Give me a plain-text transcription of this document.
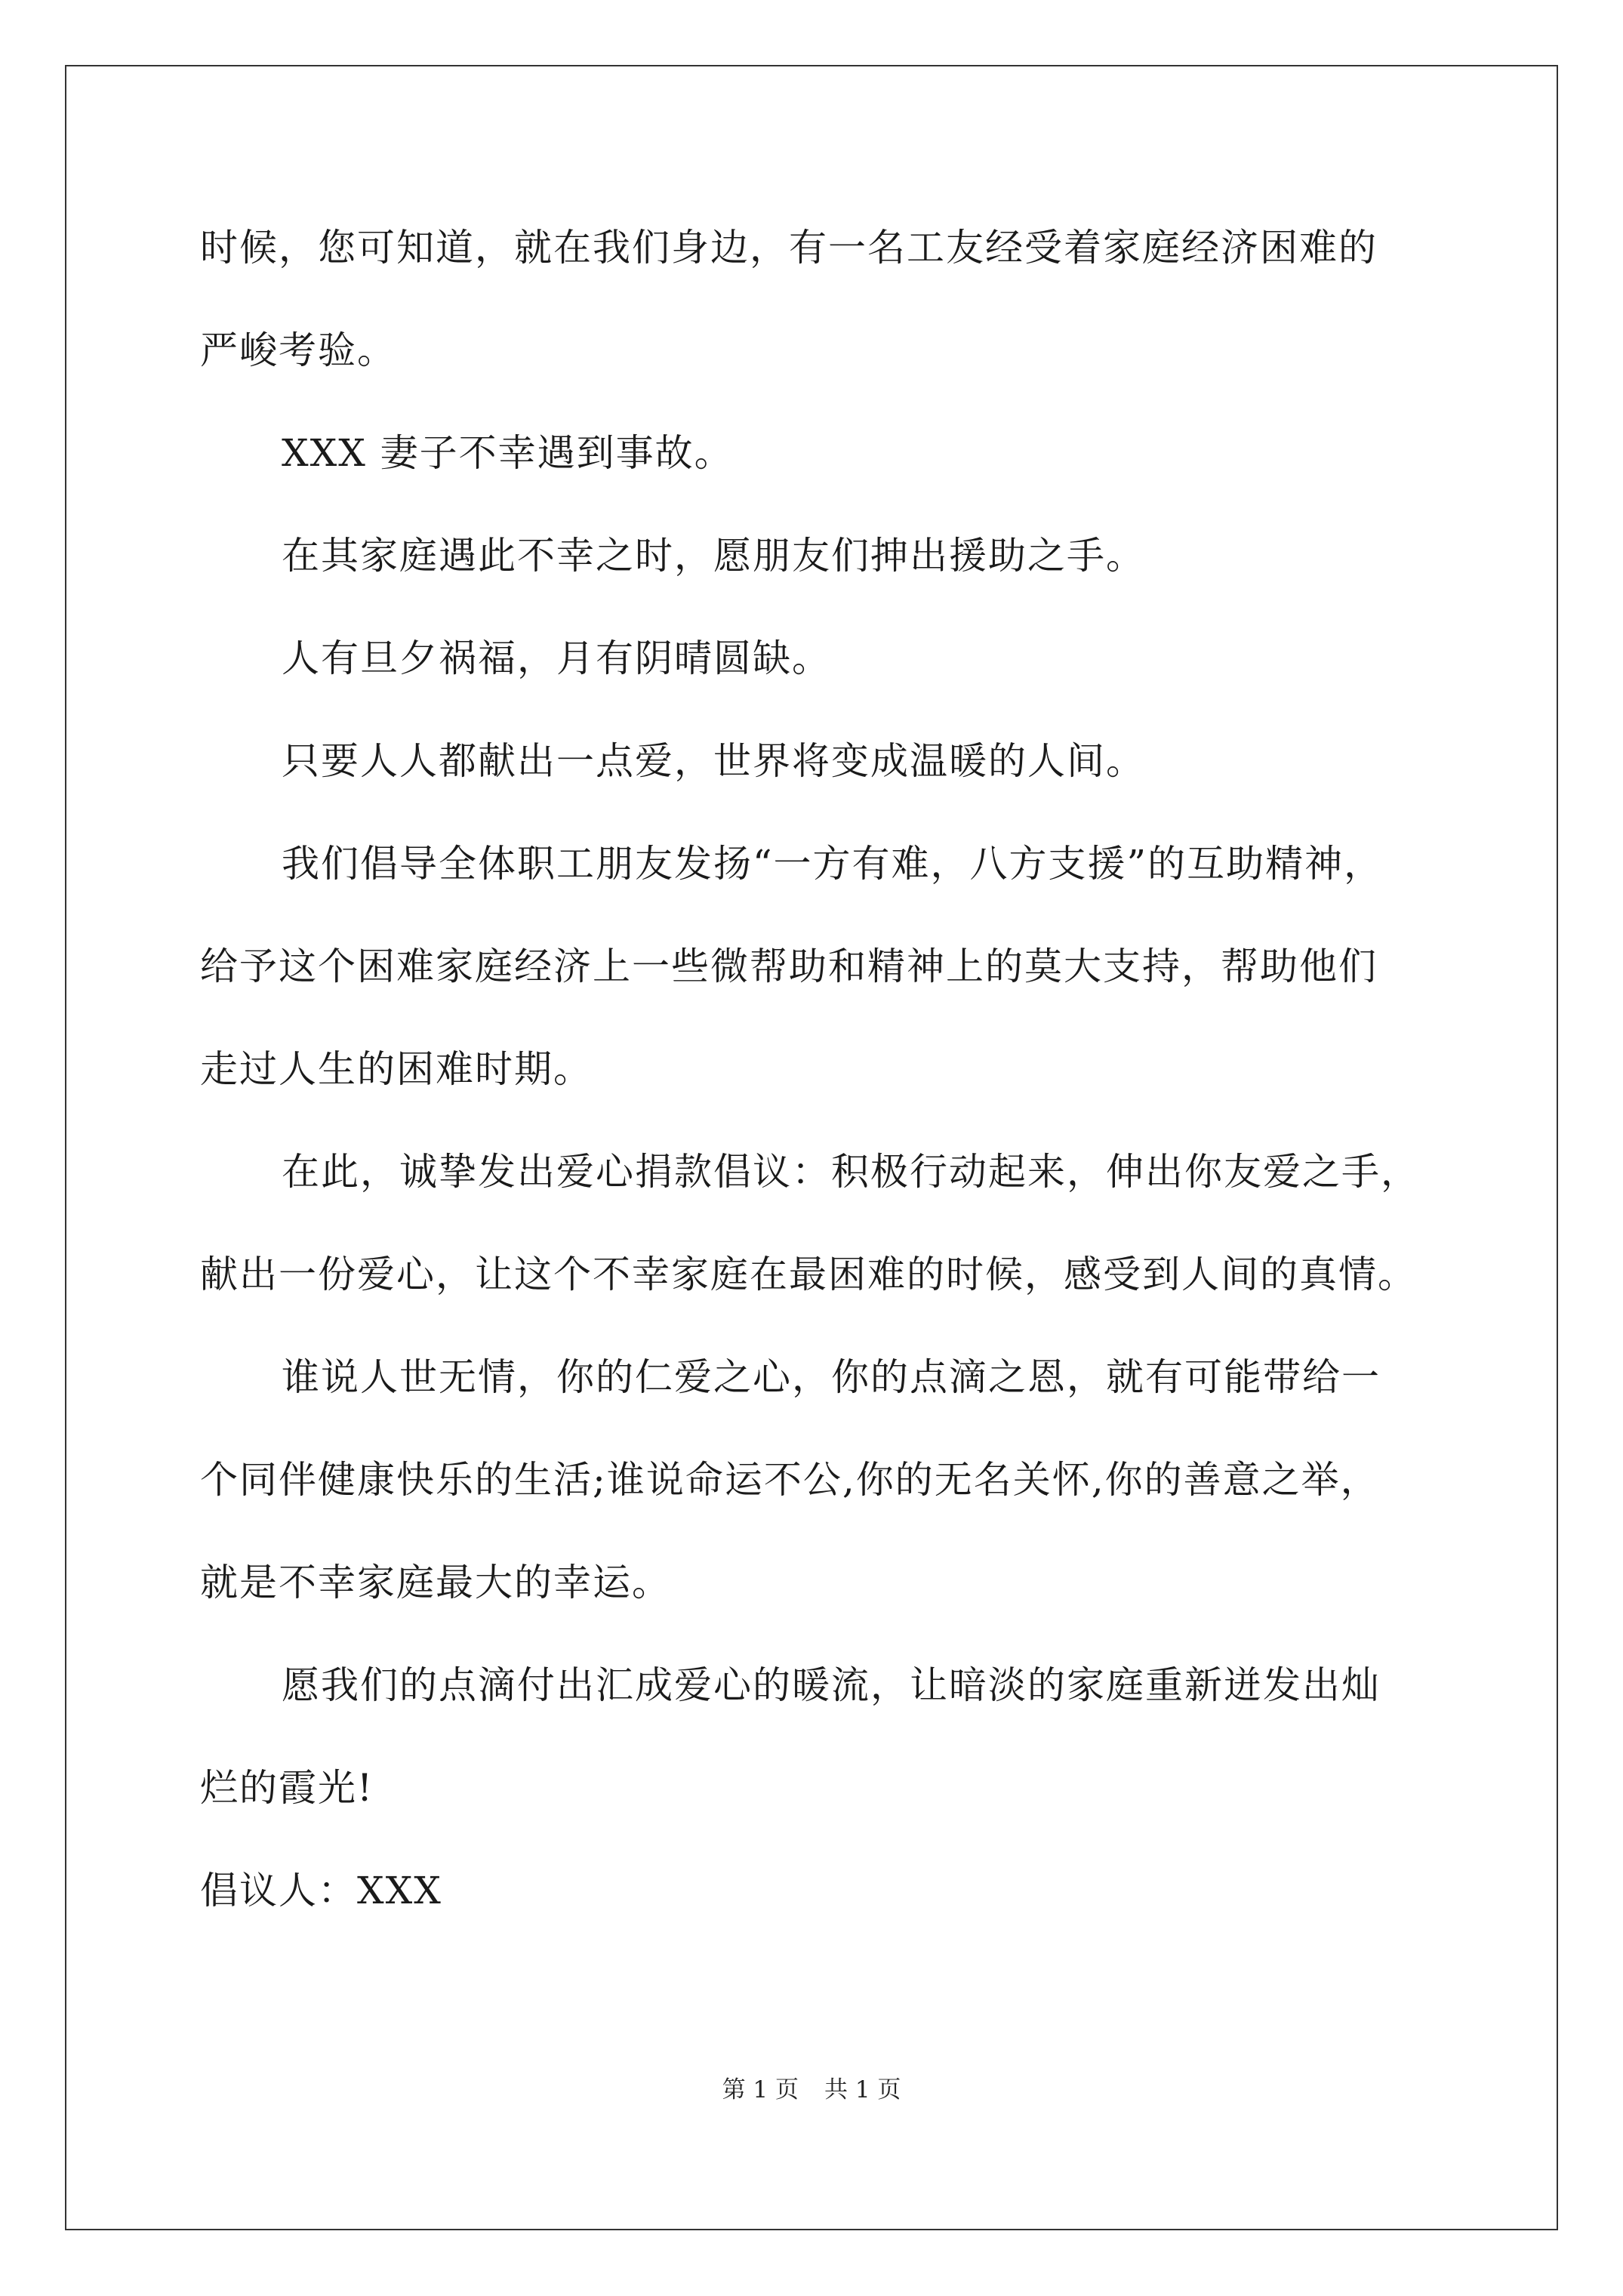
时候，您可知道，就在我们身边，有一名工友经受着家庭经济困难的
严峻考验。
XXX 妻子不幸遇到事故。
在其家庭遇此不幸之时，愿朋友们抻出援助之手。
人有旦夕祸福，月有阴晴圆缺。
只要人人都献出一点爱，世界将变成温暖的人间。
我们倡导全体职工朋友发扬“一方有难，八方支援”的互助精神，
给予这个困难家庭经济上一些微帮助和精神上的莫大支持，帮助他们
走过人生的困难时期。
在此，诚挚发出爱心捐款倡议：积极行动起来，伸出你友爱之手，
献出一份爱心，让这个不幸家庭在最困难的时候，感受到人间的真情。
谁说人世无情，你的仁爱之心，你的点滴之恩，就有可能带给一
个同伴健康快乐的生活;谁说命运不公,你的无名关怀,你的善意之举，
就是不幸家庭最大的幸运。
愿我们的点滴付出汇成爱心的暖流，让暗淡的家庭重新迸发出灿
烂的霞光!
倡议人：XXX
第 1 页 共 1 页
